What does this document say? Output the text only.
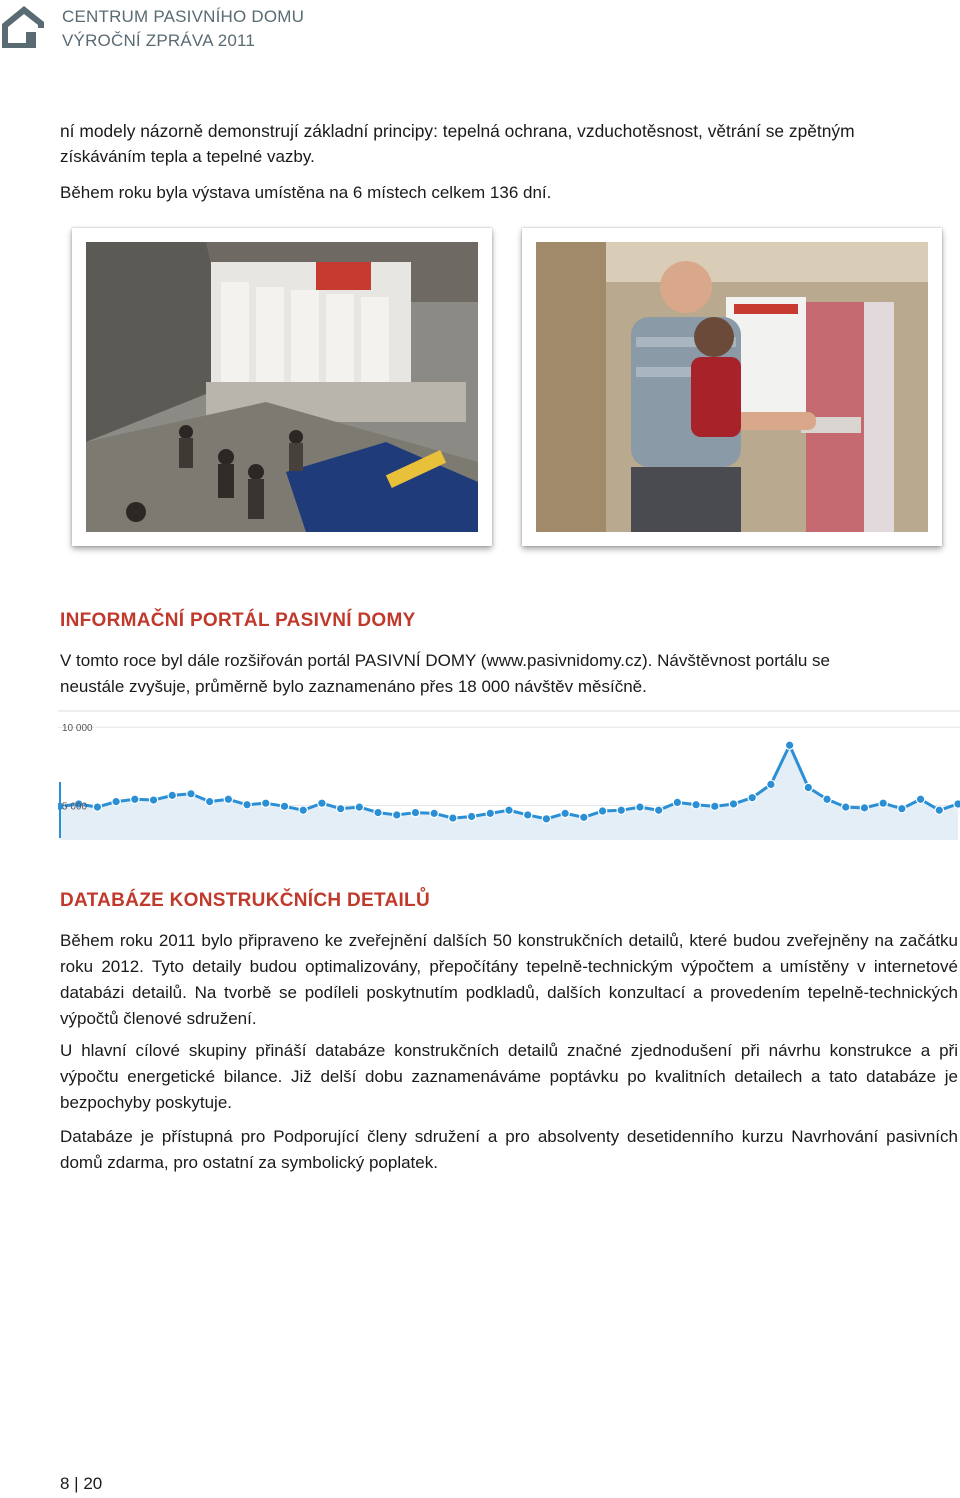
CENTRUM PASIVNÍHO DOMU
VÝROČNÍ ZPRÁVA 2011

ní modely názorně demonstrují základní principy: tepelná ochrana, vzduchotěsnost, větrání se zpětným

získáváním tepla a tepelné vazby.

Během roku byla výstava umístěna na 6 místech celkem 136 dní.

INFORMAČNÍ PORTÁL PASIVNÍ DOMY

V tomto roce byl dále rozšiřován portál PASIVNÍ DOMY (www.pasivnidomy.cz). Návštěvnost portálu se

neustále zvyšuje, průměrně bylo zaznamenáno přes 18 000 návštěv měsíčně.

10 000
5 000
DATABÁZE KONSTRUKČNÍCH DETAILŮ

Během roku 2011 bylo připraveno ke zveřejnění dalších 50 konstrukčních detailů, které budou zveřejněny na začátku roku 2012. Tyto detaily budou optimalizovány, přepočítány tepelně-technickým výpočtem a umístěny v internetové databázi detailů. Na tvorbě se podíleli poskytnutím podkladů, dalších konzultací a provedením tepelně-technických výpočtů členové sdružení.

U hlavní cílové skupiny přináší databáze konstrukčních detailů značné zjednodušení při návrhu konstrukce a při výpočtu energetické bilance. Již delší dobu zaznamenáváme poptávku po kvalitních detailech a tato databáze je bezpochyby poskytuje.

Databáze je přístupná pro Podporující členy sdružení a pro absolventy desetidenního kurzu Navrhování pasivních domů zdarma, pro ostatní za symbolický poplatek.

8 | 20
